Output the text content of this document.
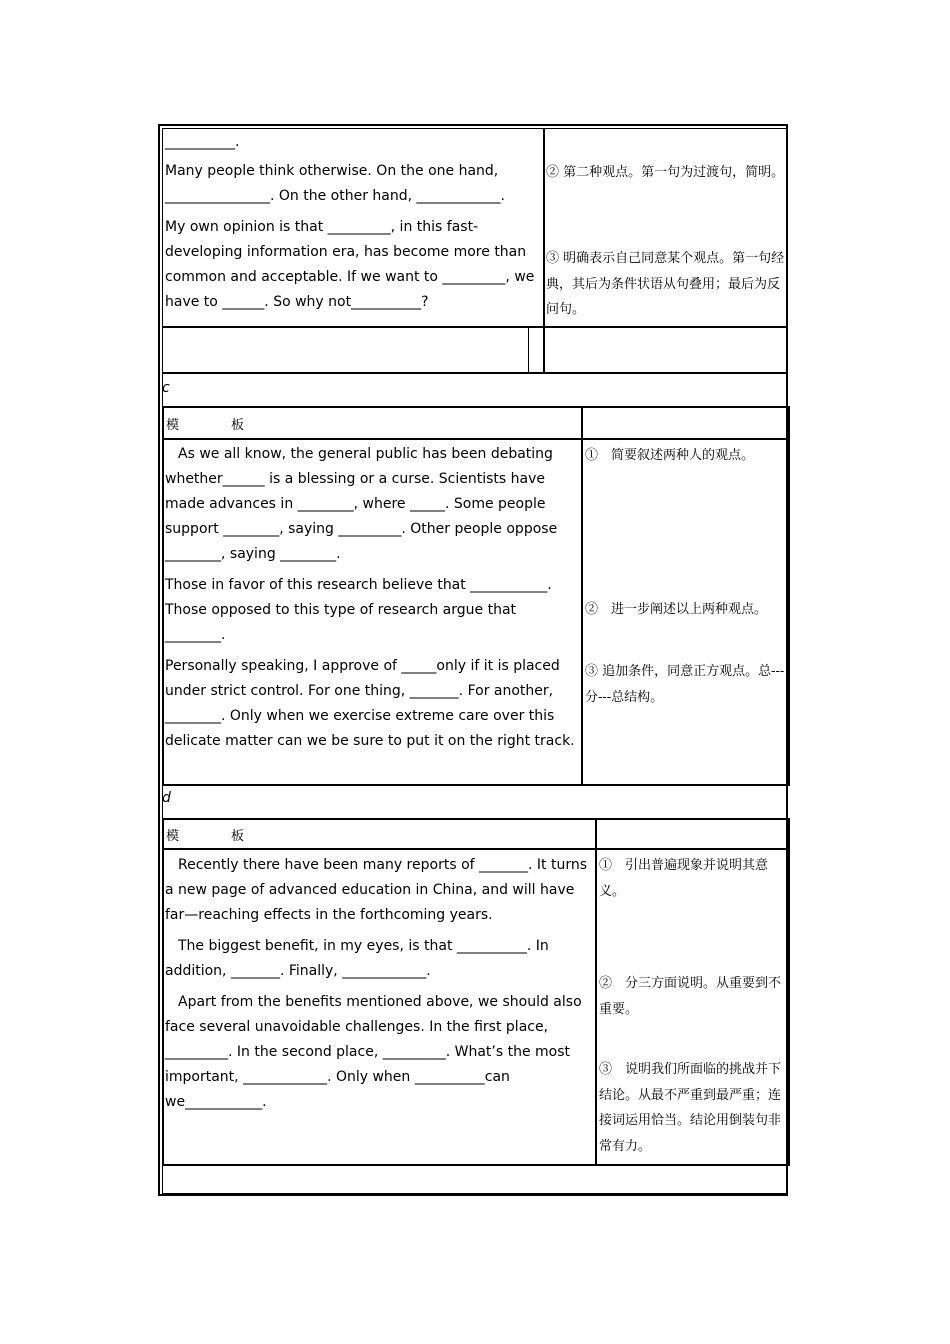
__________.

Many people think otherwise. On the one hand, _______________. On the other hand, ____________.

My own opinion is that _________, in this fast-developing information era, has become more than common and acceptable. If we want to _________, we have to ______. So why not__________?

② 第二种观点。第一句为过渡句，简明。
③ 明确表示自己同意某个观点。第一句经典，其后为条件状语从句叠用；最后为反问句。
c
模　　　　板

As we all know, the general public has been debating whether______ is a blessing or a curse. Scientists have made advances in ________, where _____. Some people support ________, saying _________. Other people oppose ________, saying ________.

Those in favor of this research believe that ___________. Those opposed to this type of research argue that ________.

Personally speaking, I approve of _____only if it is placed under strict control. For one thing, _______. For another, ________. Only when we exercise extreme care over this delicate matter can we be sure to put it on the right track.

①　简要叙述两种人的观点。
②　进一步阐述以上两种观点。
③ 追加条件，同意正方观点。总---分---总结构。
d
模　　　　板

Recently there have been many reports of _______. It turns a new page of advanced education in China, and will have far—reaching effects in the forthcoming years.

The biggest benefit, in my eyes, is that __________. In addition, _______. Finally, ____________.

Apart from the benefits mentioned above, we should also face several unavoidable challenges. In the first place, _________. In the second place, _________. What’s the most important, ____________. Only when __________can we___________.

①　引出普遍现象并说明其意义。
②　分三方面说明。从重要到不重要。
③　说明我们所面临的挑战并下结论。从最不严重到最严重；连接词运用恰当。结论用倒装句非常有力。
